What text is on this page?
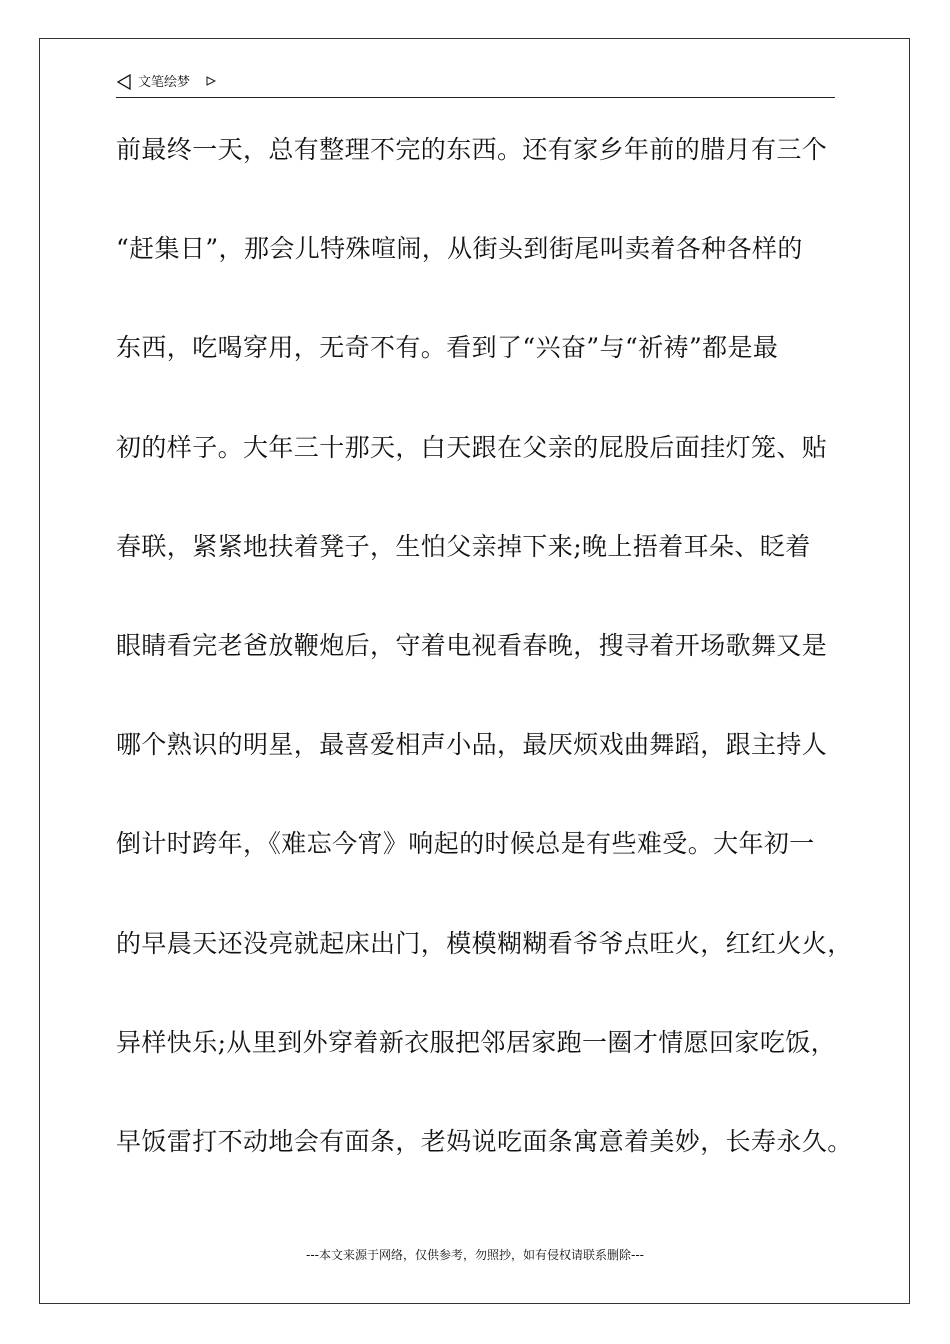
文笔绘梦
前最终一天，总有整理不完的东西。还有家乡年前的腊月有三个
“赶集日”，那会儿特殊喧闹，从街头到街尾叫卖着各种各样的
东西，吃喝穿用，无奇不有。看到了“兴奋”与“祈祷”都是最
初的样子。大年三十那天，白天跟在父亲的屁股后面挂灯笼、贴
春联，紧紧地扶着凳子，生怕父亲掉下来;晚上捂着耳朵、眨着
眼睛看完老爸放鞭炮后，守着电视看春晚，搜寻着开场歌舞又是
哪个熟识的明星，最喜爱相声小品，最厌烦戏曲舞蹈，跟主持人
倒计时跨年，《难忘今宵》响起的时候总是有些难受。大年初一
的早晨天还没亮就起床出门，模模糊糊看爷爷点旺火，红红火火，
异样快乐;从里到外穿着新衣服把邻居家跑一圈才情愿回家吃饭，
早饭雷打不动地会有面条，老妈说吃面条寓意着美妙，长寿永久。
---本文来源于网络，仅供参考，勿照抄，如有侵权请联系删除---
